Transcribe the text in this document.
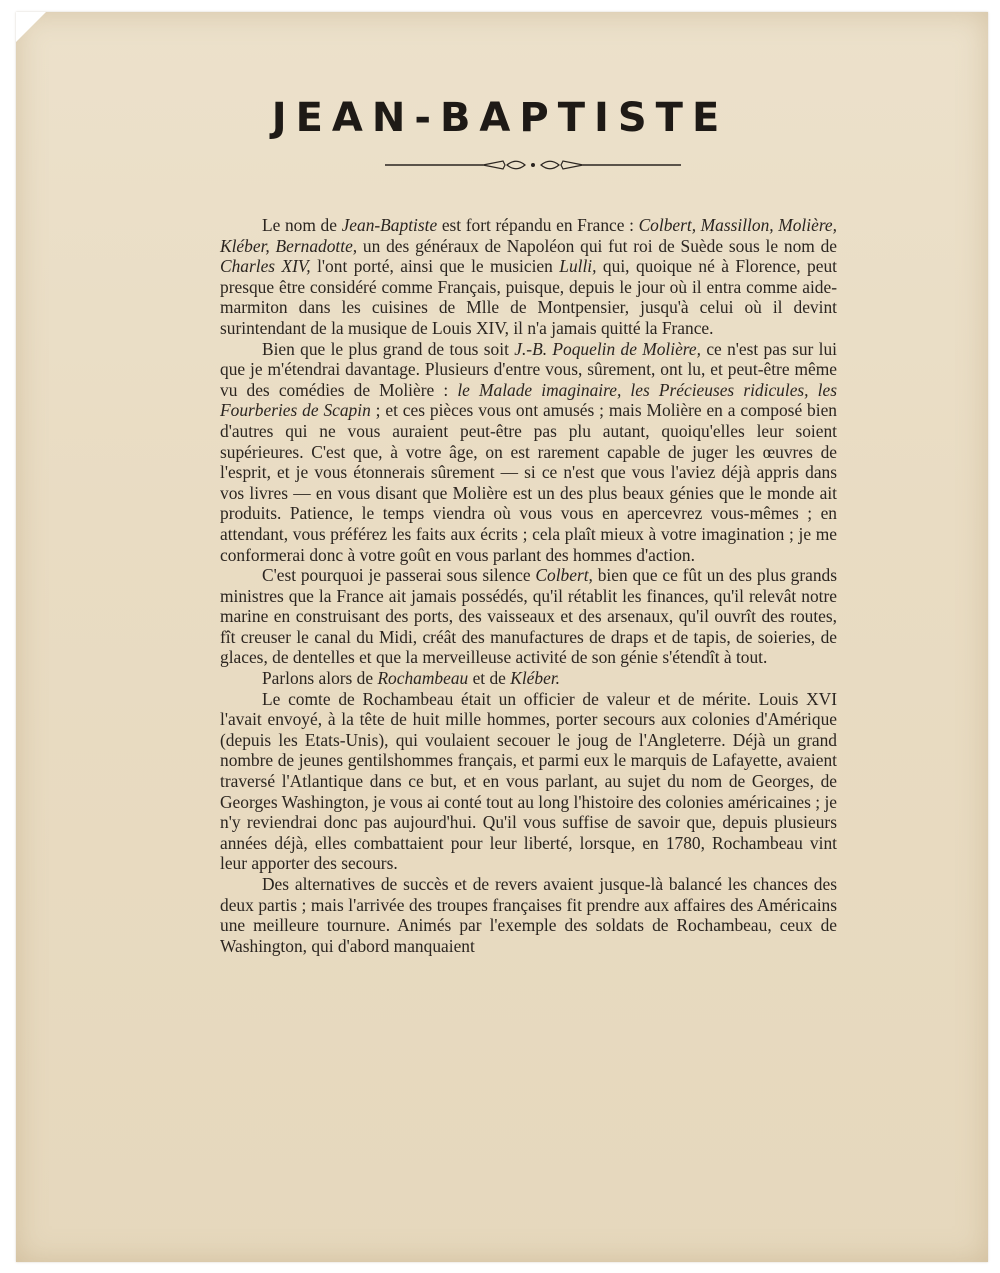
JEAN-BAPTISTE

Le nom de Jean-Baptiste est fort répandu en France : Colbert, Massillon, Molière, Kléber, Bernadotte, un des généraux de Napoléon qui fut roi de Suède sous le nom de Charles XIV, l'ont porté, ainsi que le musicien Lulli, qui, quoique né à Florence, peut presque être considéré comme Français, puisque, depuis le jour où il entra comme aide-marmiton dans les cuisines de Mlle de Montpensier, jusqu'à celui où il devint surintendant de la musique de Louis XIV, il n'a jamais quitté la France.

Bien que le plus grand de tous soit J.-B. Poquelin de Molière, ce n'est pas sur lui que je m'étendrai davantage. Plusieurs d'entre vous, sûrement, ont lu, et peut-être même vu des comédies de Molière : le Malade imaginaire, les Précieuses ridicules, les Fourberies de Scapin ; et ces pièces vous ont amusés ; mais Molière en a composé bien d'autres qui ne vous auraient peut-être pas plu autant, quoiqu'elles leur soient supérieures. C'est que, à votre âge, on est rarement capable de juger les œuvres de l'esprit, et je vous étonnerais sûrement — si ce n'est que vous l'aviez déjà appris dans vos livres — en vous disant que Molière est un des plus beaux génies que le monde ait produits. Patience, le temps viendra où vous vous en apercevrez vous-mêmes ; en attendant, vous préférez les faits aux écrits ; cela plaît mieux à votre imagination ; je me conformerai donc à votre goût en vous parlant des hommes d'action.

C'est pourquoi je passerai sous silence Colbert, bien que ce fût un des plus grands ministres que la France ait jamais possédés, qu'il rétablit les finances, qu'il relevât notre marine en construisant des ports, des vaisseaux et des arsenaux, qu'il ouvrît des routes, fît creuser le canal du Midi, créât des manufactures de draps et de tapis, de soieries, de glaces, de dentelles et que la merveilleuse activité de son génie s'étendît à tout.

Parlons alors de Rochambeau et de Kléber.

Le comte de Rochambeau était un officier de valeur et de mérite. Louis XVI l'avait envoyé, à la tête de huit mille hommes, porter secours aux colonies d'Amérique (depuis les Etats-Unis), qui voulaient secouer le joug de l'Angleterre. Déjà un grand nombre de jeunes gentilshommes français, et parmi eux le marquis de Lafayette, avaient traversé l'Atlantique dans ce but, et en vous parlant, au sujet du nom de Georges, de Georges Washington, je vous ai conté tout au long l'histoire des colonies américaines ; je n'y reviendrai donc pas aujourd'hui. Qu'il vous suffise de savoir que, depuis plusieurs années déjà, elles combattaient pour leur liberté, lorsque, en 1780, Rochambeau vint leur apporter des secours.

Des alternatives de succès et de revers avaient jusque-là balancé les chances des deux partis ; mais l'arrivée des troupes françaises fit prendre aux affaires des Américains une meilleure tournure. Animés par l'exemple des soldats de Rochambeau, ceux de Washington, qui d'abord manquaient
